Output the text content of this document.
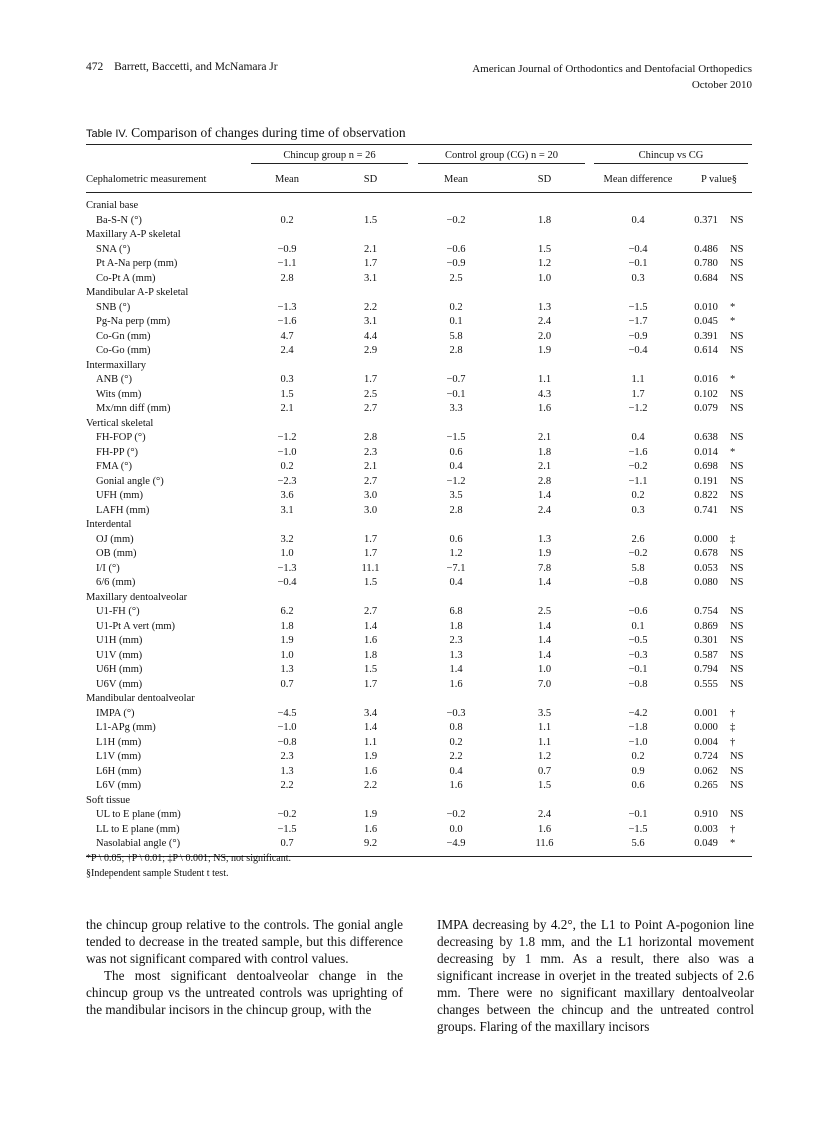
472 Barrett, Baccetti, and McNamara Jr	American Journal of Orthodontics and Dentofacial Orthopedics
October 2010
Table IV. Comparison of changes during time of observation
	Chincup group n = 26		Control group (CG) n = 20		Chincup vs CG		
Cephalometric measurement	Mean	SD	Mean	SD	Mean difference	P value§	
Cranial base							
Ba-S-N (°)	0.2	1.5	−0.2	1.8	0.4	0.371	NS
Maxillary A-P skeletal							
SNA (°)	−0.9	2.1	−0.6	1.5	−0.4	0.486	NS
Pt A-Na perp (mm)	−1.1	1.7	−0.9	1.2	−0.1	0.780	NS
Co-Pt A (mm)	2.8	3.1	2.5	1.0	0.3	0.684	NS
Mandibular A-P skeletal							
SNB (°)	−1.3	2.2	0.2	1.3	−1.5	0.010	*
Pg-Na perp (mm)	−1.6	3.1	0.1	2.4	−1.7	0.045	*
Co-Gn (mm)	4.7	4.4	5.8	2.0	−0.9	0.391	NS
Co-Go (mm)	2.4	2.9	2.8	1.9	−0.4	0.614	NS
Intermaxillary							
ANB (°)	0.3	1.7	−0.7	1.1	1.1	0.016	*
Wits (mm)	1.5	2.5	−0.1	4.3	1.7	0.102	NS
Mx/mn diff (mm)	2.1	2.7	3.3	1.6	−1.2	0.079	NS
Vertical skeletal							
FH-FOP (°)	−1.2	2.8	−1.5	2.1	0.4	0.638	NS
FH-PP (°)	−1.0	2.3	0.6	1.8	−1.6	0.014	*
FMA (°)	0.2	2.1	0.4	2.1	−0.2	0.698	NS
Gonial angle (°)	−2.3	2.7	−1.2	2.8	−1.1	0.191	NS
UFH (mm)	3.6	3.0	3.5	1.4	0.2	0.822	NS
LAFH (mm)	3.1	3.0	2.8	2.4	0.3	0.741	NS
Interdental							
OJ (mm)	3.2	1.7	0.6	1.3	2.6	0.000	‡
OB (mm)	1.0	1.7	1.2	1.9	−0.2	0.678	NS
I/I (°)	−1.3	11.1	−7.1	7.8	5.8	0.053	NS
6/6 (mm)	−0.4	1.5	0.4	1.4	−0.8	0.080	NS
Maxillary dentoalveolar							
U1-FH (°)	6.2	2.7	6.8	2.5	−0.6	0.754	NS
U1-Pt A vert (mm)	1.8	1.4	1.8	1.4	0.1	0.869	NS
U1H (mm)	1.9	1.6	2.3	1.4	−0.5	0.301	NS
U1V (mm)	1.0	1.8	1.3	1.4	−0.3	0.587	NS
U6H (mm)	1.3	1.5	1.4	1.0	−0.1	0.794	NS
U6V (mm)	0.7	1.7	1.6	7.0	−0.8	0.555	NS
Mandibular dentoalveolar							
IMPA (°)	−4.5	3.4	−0.3	3.5	−4.2	0.001	†
L1-APg (mm)	−1.0	1.4	0.8	1.1	−1.8	0.000	‡
L1H (mm)	−0.8	1.1	0.2	1.1	−1.0	0.004	†
L1V (mm)	2.3	1.9	2.2	1.2	0.2	0.724	NS
L6H (mm)	1.3	1.6	0.4	0.7	0.9	0.062	NS
L6V (mm)	2.2	2.2	1.6	1.5	0.6	0.265	NS
Soft tissue							
UL to E plane (mm)	−0.2	1.9	−0.2	2.4	−0.1	0.910	NS
LL to E plane (mm)	−1.5	1.6	0.0	1.6	−1.5	0.003	†
Nasolabial angle (°)	0.7	9.2	−4.9	11.6	5.6	0.049	*
*P \ 0.05; †P \ 0.01; ‡P \ 0.001; NS, not significant.
§Independent sample Student t test.

the chincup group relative to the controls. The gonial angle tended to decrease in the treated sample, but this difference was not significant compared with control values.

The most significant dentoalveolar change in the chincup group vs the untreated controls was uprighting of the mandibular incisors in the chincup group, with the

IMPA decreasing by 4.2°, the L1 to Point A-pogonion line decreasing by 1.8 mm, and the L1 horizontal movement decreasing by 1 mm. As a result, there also was a significant increase in overjet in the treated subjects of 2.6 mm. There were no significant maxillary dentoalveolar changes between the chincup and the untreated control groups. Flaring of the maxillary incisors
